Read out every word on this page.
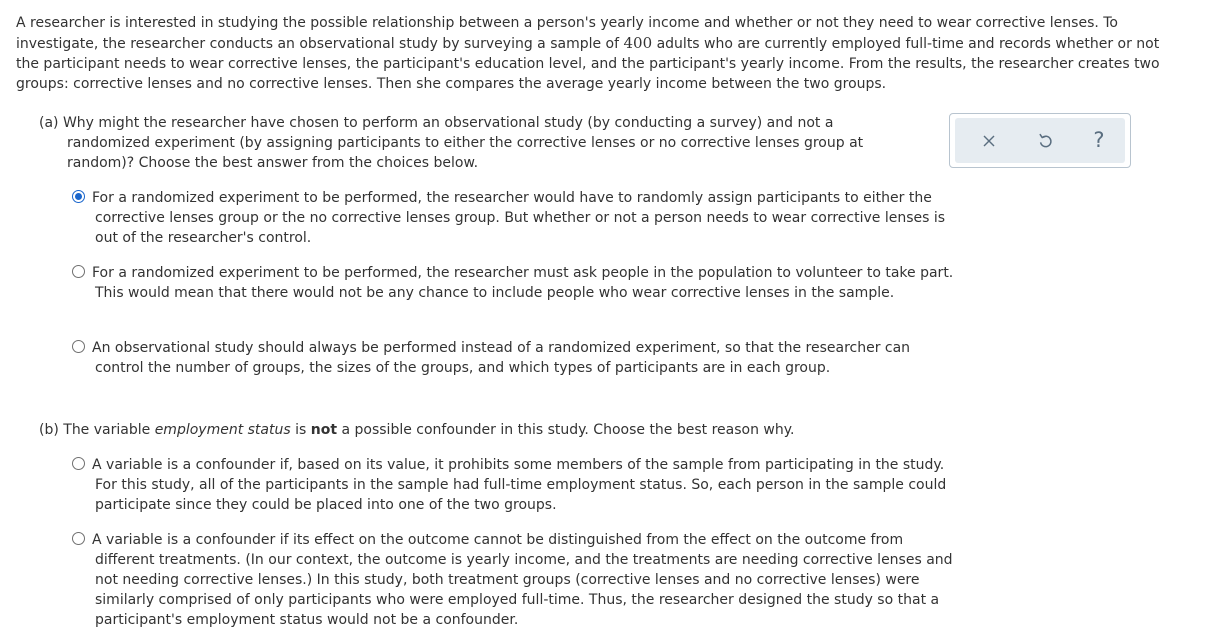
A researcher is interested in studying the possible relationship between a person's yearly income and whether or not they need to wear corrective lenses. To investigate, the researcher conducts an observational study by surveying a sample of 400 adults who are currently employed full-time and records whether or not the participant needs to wear corrective lenses, the participant's education level, and the participant's yearly income. From the results, the researcher creates two groups: corrective lenses and no corrective lenses. Then she compares the average yearly income between the two groups.

?

(a) Why might the researcher have chosen to perform an observational study (by conducting a survey) and not a randomized experiment (by assigning participants to either the corrective lenses or no corrective lenses group at random)? Choose the best answer from the choices below.

For a randomized experiment to be performed, the researcher would have to randomly assign participants to either the corrective lenses group or the no corrective lenses group. But whether or not a person needs to wear corrective lenses is out of the researcher's control.
For a randomized experiment to be performed, the researcher must ask people in the population to volunteer to take part. This would mean that there would not be any chance to include people who wear corrective lenses in the sample.
An observational study should always be performed instead of a randomized experiment, so that the researcher can control the number of groups, the sizes of the groups, and which types of participants are in each group.

(b) The variable employment status is not a possible confounder in this study. Choose the best reason why.

A variable is a confounder if, based on its value, it prohibits some members of the sample from participating in the study. For this study, all of the participants in the sample had full-time employment status. So, each person in the sample could participate since they could be placed into one of the two groups.
A variable is a confounder if its effect on the outcome cannot be distinguished from the effect on the outcome from different treatments. (In our context, the outcome is yearly income, and the treatments are needing corrective lenses and not needing corrective lenses.) In this study, both treatment groups (corrective lenses and no corrective lenses) were similarly comprised of only participants who were employed full-time. Thus, the researcher designed the study so that a participant's employment status would not be a confounder.
